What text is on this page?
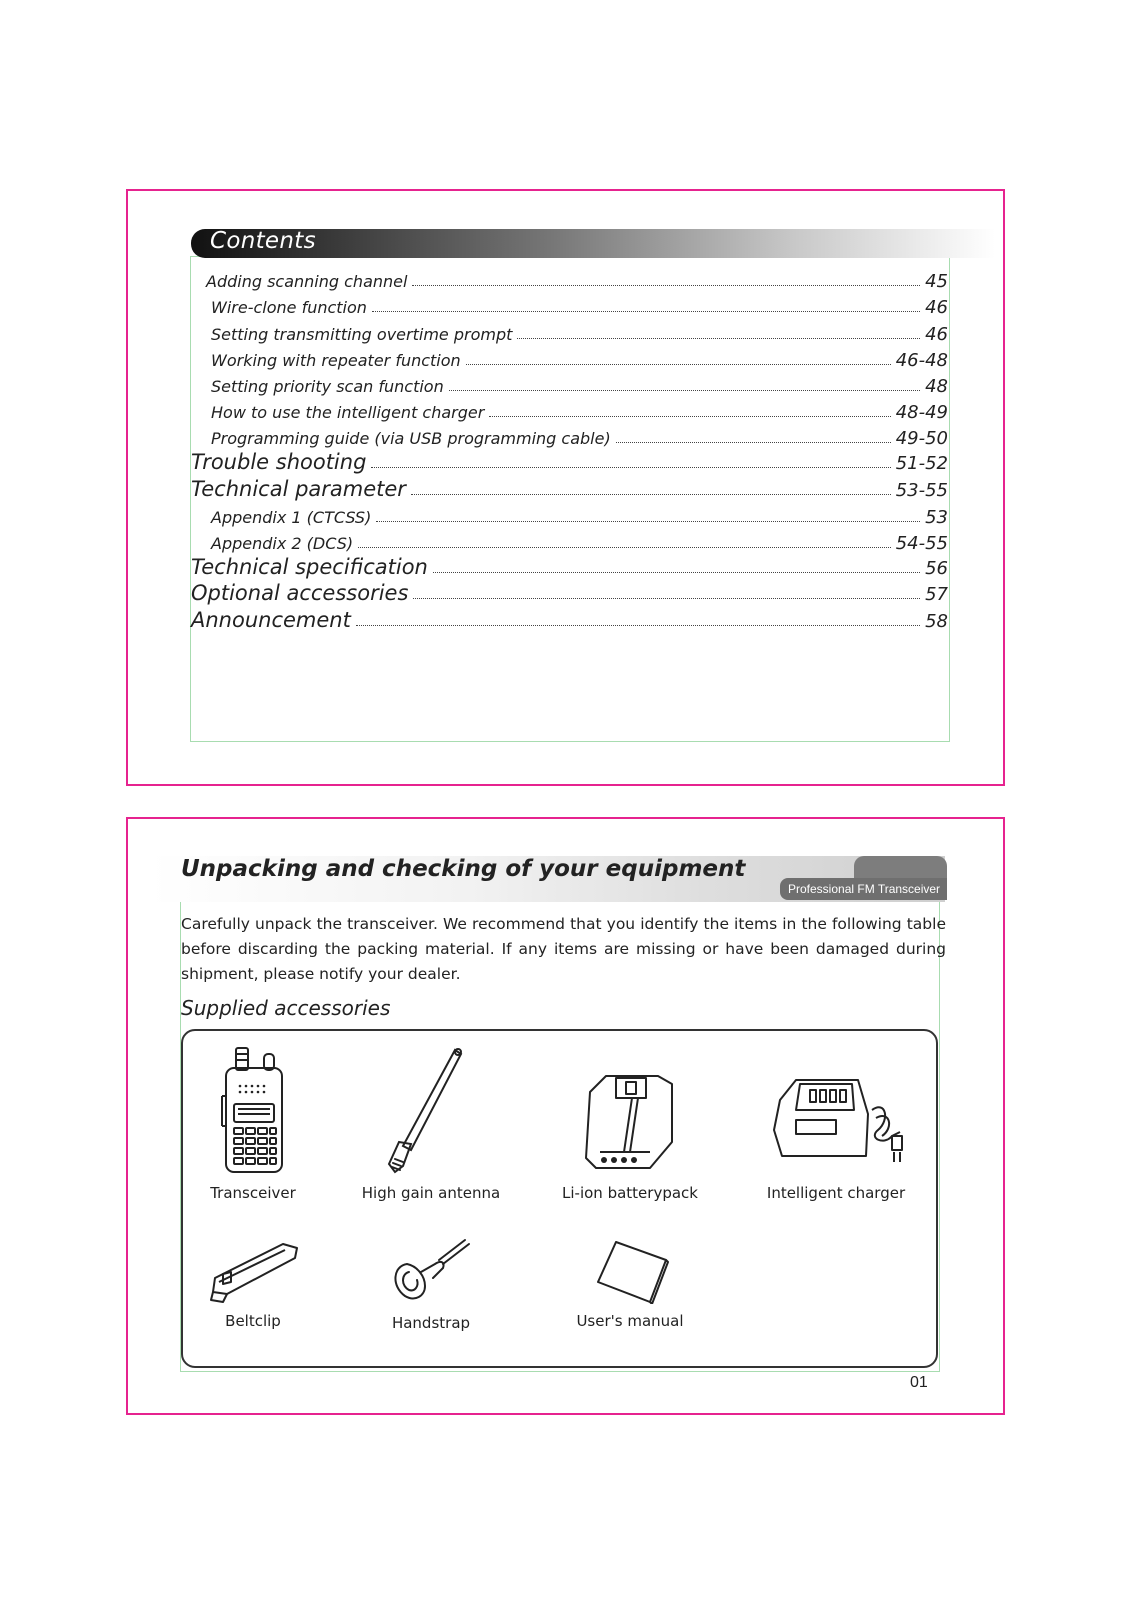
Contents
Adding scanning channel	45
Wire-clone function	46
Setting transmitting overtime prompt	46
Working with repeater function	46-48
Setting priority scan function	48
How to use the intelligent charger	48-49
Programming guide (via USB programming cable)	49-50
Trouble shooting	51-52
Technical parameter	53-55
Appendix 1 (CTCSS)	53
Appendix 2 (DCS)	54-55
Technical specification	56
Optional accessories	57
Announcement	58
Professional FM Transceiver
Unpacking and checking of your equipment

Carefully unpack the transceiver. We recommend that you identify the items in the following table before discarding the packing material. If any items are missing or have been damaged during shipment, please notify your dealer.

Supplied accessories
Transceiver	High gain antenna	Li-ion batterypack	Intelligent charger
Beltclip	Handstrap	User's manual
01
